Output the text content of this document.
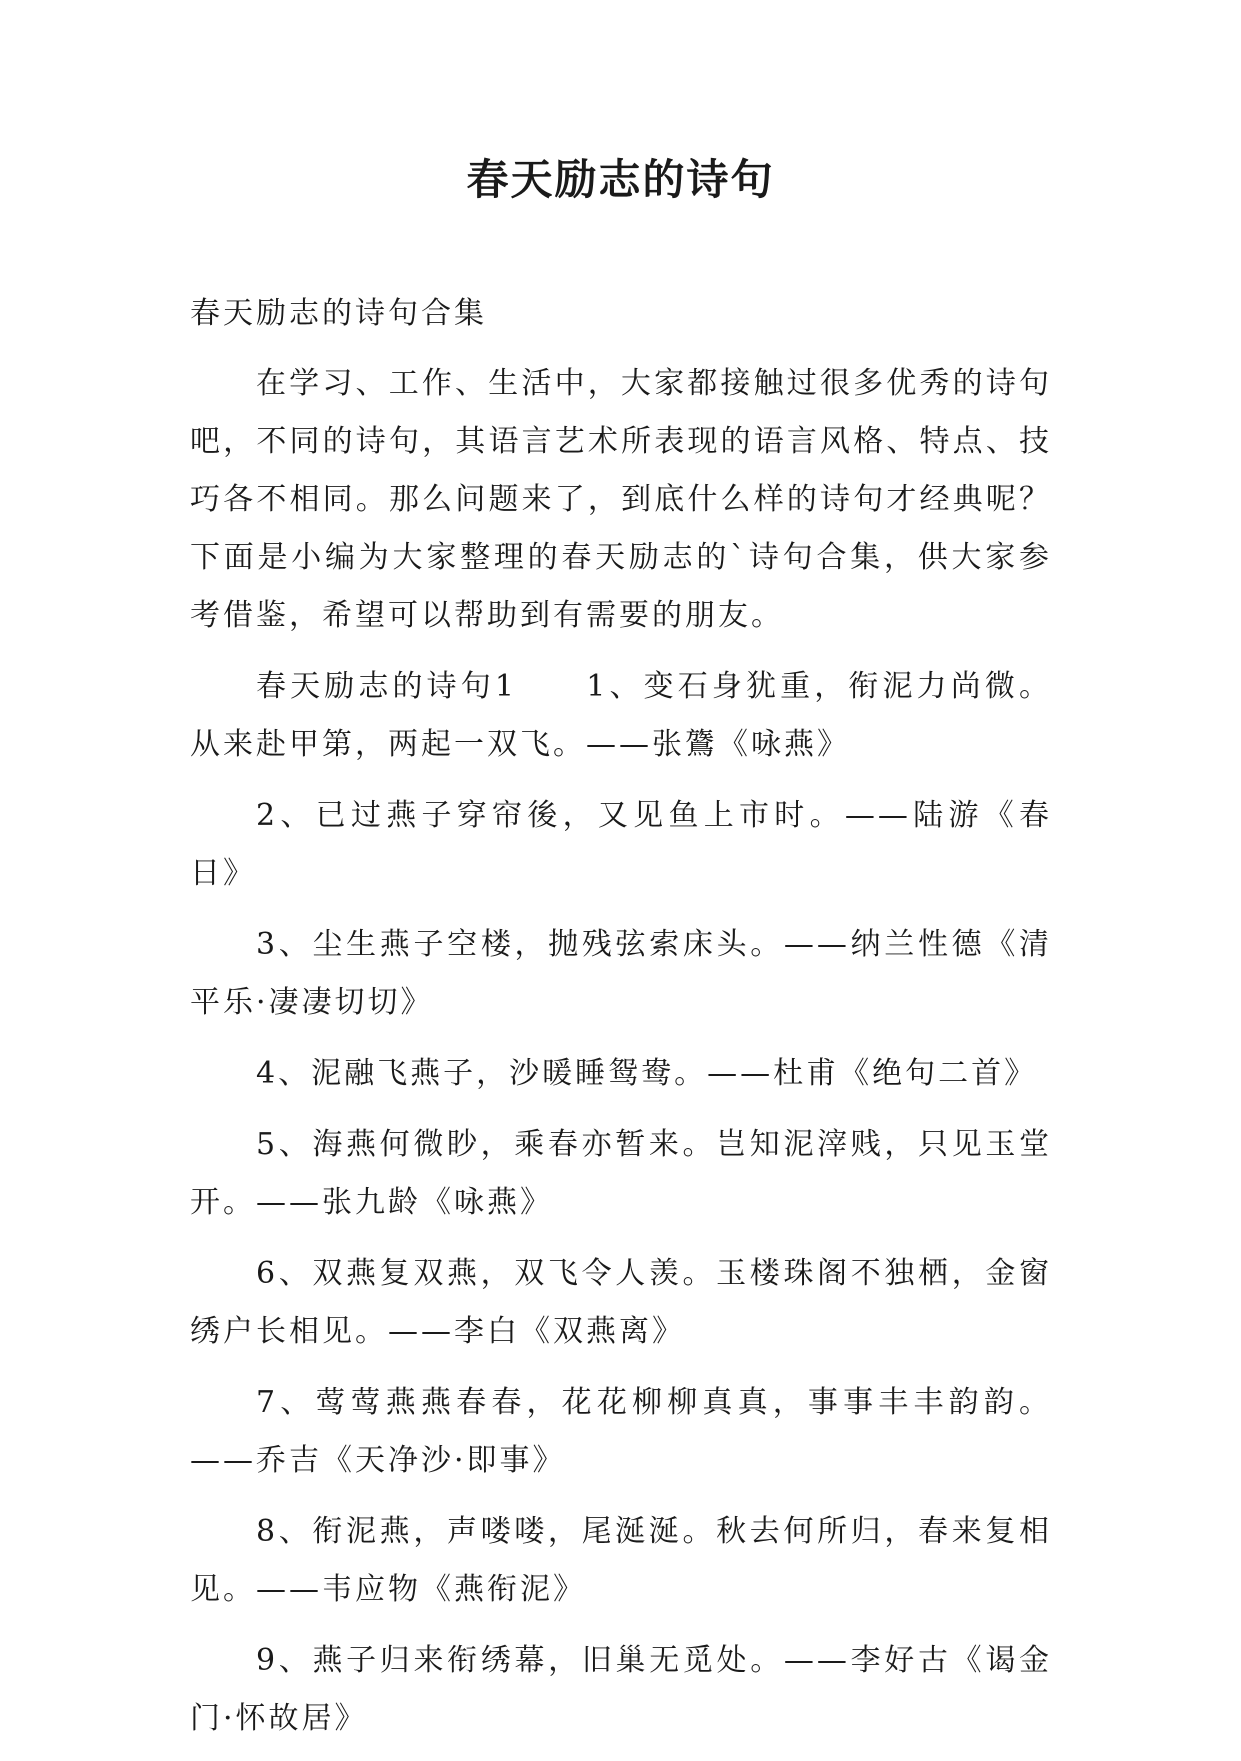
春天励志的诗句

春天励志的诗句合集

在学习、工作、生活中，大家都接触过很多优秀的诗句吧，不同的诗句，其语言艺术所表现的语言风格、特点、技巧各不相同。那么问题来了，到底什么样的诗句才经典呢？下面是小编为大家整理的春天励志的`诗句合集，供大家参考借鉴，希望可以帮助到有需要的朋友。

春天励志的诗句1　　1、变石身犹重，衔泥力尚微。从来赴甲第，两起一双飞。——张鷟《咏燕》

2、已过燕子穿帘後，又见鱼上市时。——陆游《春日》

3、尘生燕子空楼，抛残弦索床头。——纳兰性德《清平乐·凄凄切切》

4、泥融飞燕子，沙暖睡鸳鸯。——杜甫《绝句二首》

5、海燕何微眇，乘春亦暂来。岂知泥滓贱，只见玉堂开。——张九龄《咏燕》

6、双燕复双燕，双飞令人羡。玉楼珠阁不独栖，金窗绣户长相见。——李白《双燕离》

7、莺莺燕燕春春，花花柳柳真真，事事丰丰韵韵。——乔吉《天净沙·即事》

8、衔泥燕，声喽喽，尾涎涎。秋去何所归，春来复相见。——韦应物《燕衔泥》

9、燕子归来衔绣幕，旧巢无觅处。——李好古《谒金门·怀故居》
